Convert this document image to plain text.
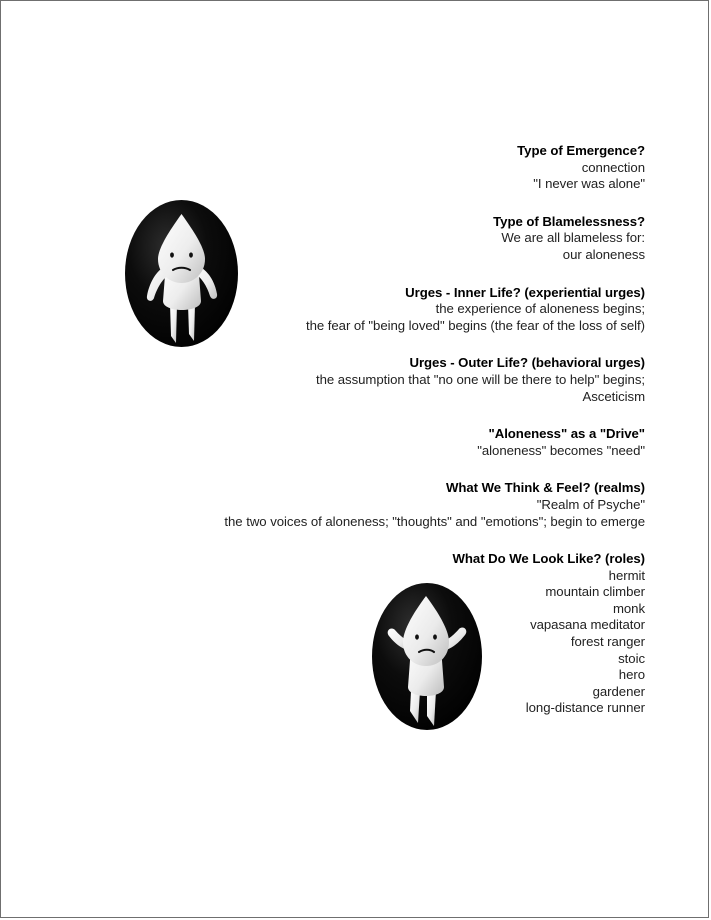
Type of Emergence?
connection
"I never was alone"
Type of Blamelessness?
We are all blameless for:
our aloneness
Urges - Inner Life? (experiential urges)
the experience of aloneness begins;
the fear of "being loved" begins (the fear of the loss of self)
Urges - Outer Life? (behavioral urges)
the assumption that "no one will be there to help" begins;
Asceticism
"Aloneness" as a "Drive"
"aloneness" becomes "need"
What We Think & Feel? (realms)
"Realm of Psyche"
the two voices of aloneness; "thoughts" and "emotions"; begin to emerge
What Do We Look Like? (roles)
hermit
mountain climber
monk
vapasana meditator
forest ranger
stoic
hero
gardener
long-distance runner
